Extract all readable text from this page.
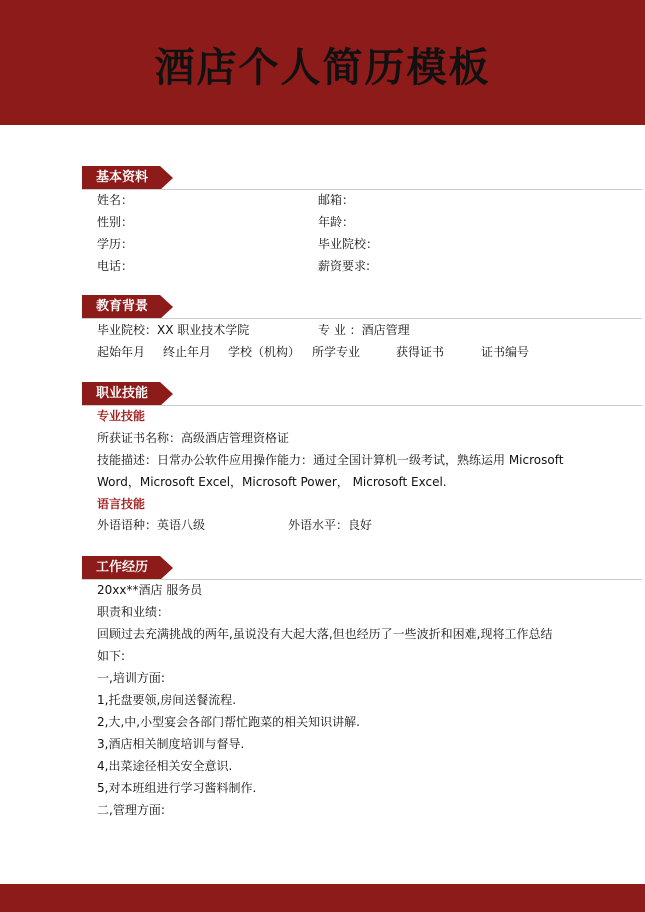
酒店个人简历模板
基本资料
姓名：	邮箱：
性别：	年龄：
学历：	毕业院校：
电话：	薪资要求:
教育背景
毕业院校：XX 职业技术学院	专 业 ：酒店管理
起始年月 终止年月 学校（机构） 所学专业	获得证书	证书编号
职业技能
专业技能
所获证书名称：高级酒店管理资格证
技能描述：日常办公软件应用操作能力：通过全国计算机一级考试，熟练运用 Microsoft
Word，Microsoft Excel，Microsoft Power， Microsoft Excel.
语言技能
外语语种：英语八级	外语水平：良好
工作经历
20xx**酒店 服务员
职责和业绩：
回顾过去充满挑战的两年,虽说没有大起大落,但也经历了一些波折和困难,现将工作总结
如下:
一,培训方面:
1,托盘要领,房间送餐流程.
2,大,中,小型宴会各部门帮忙跑菜的相关知识讲解.
3,酒店相关制度培训与督导.
4,出菜途径相关安全意识.
5,对本班组进行学习酱料制作.
二,管理方面:
